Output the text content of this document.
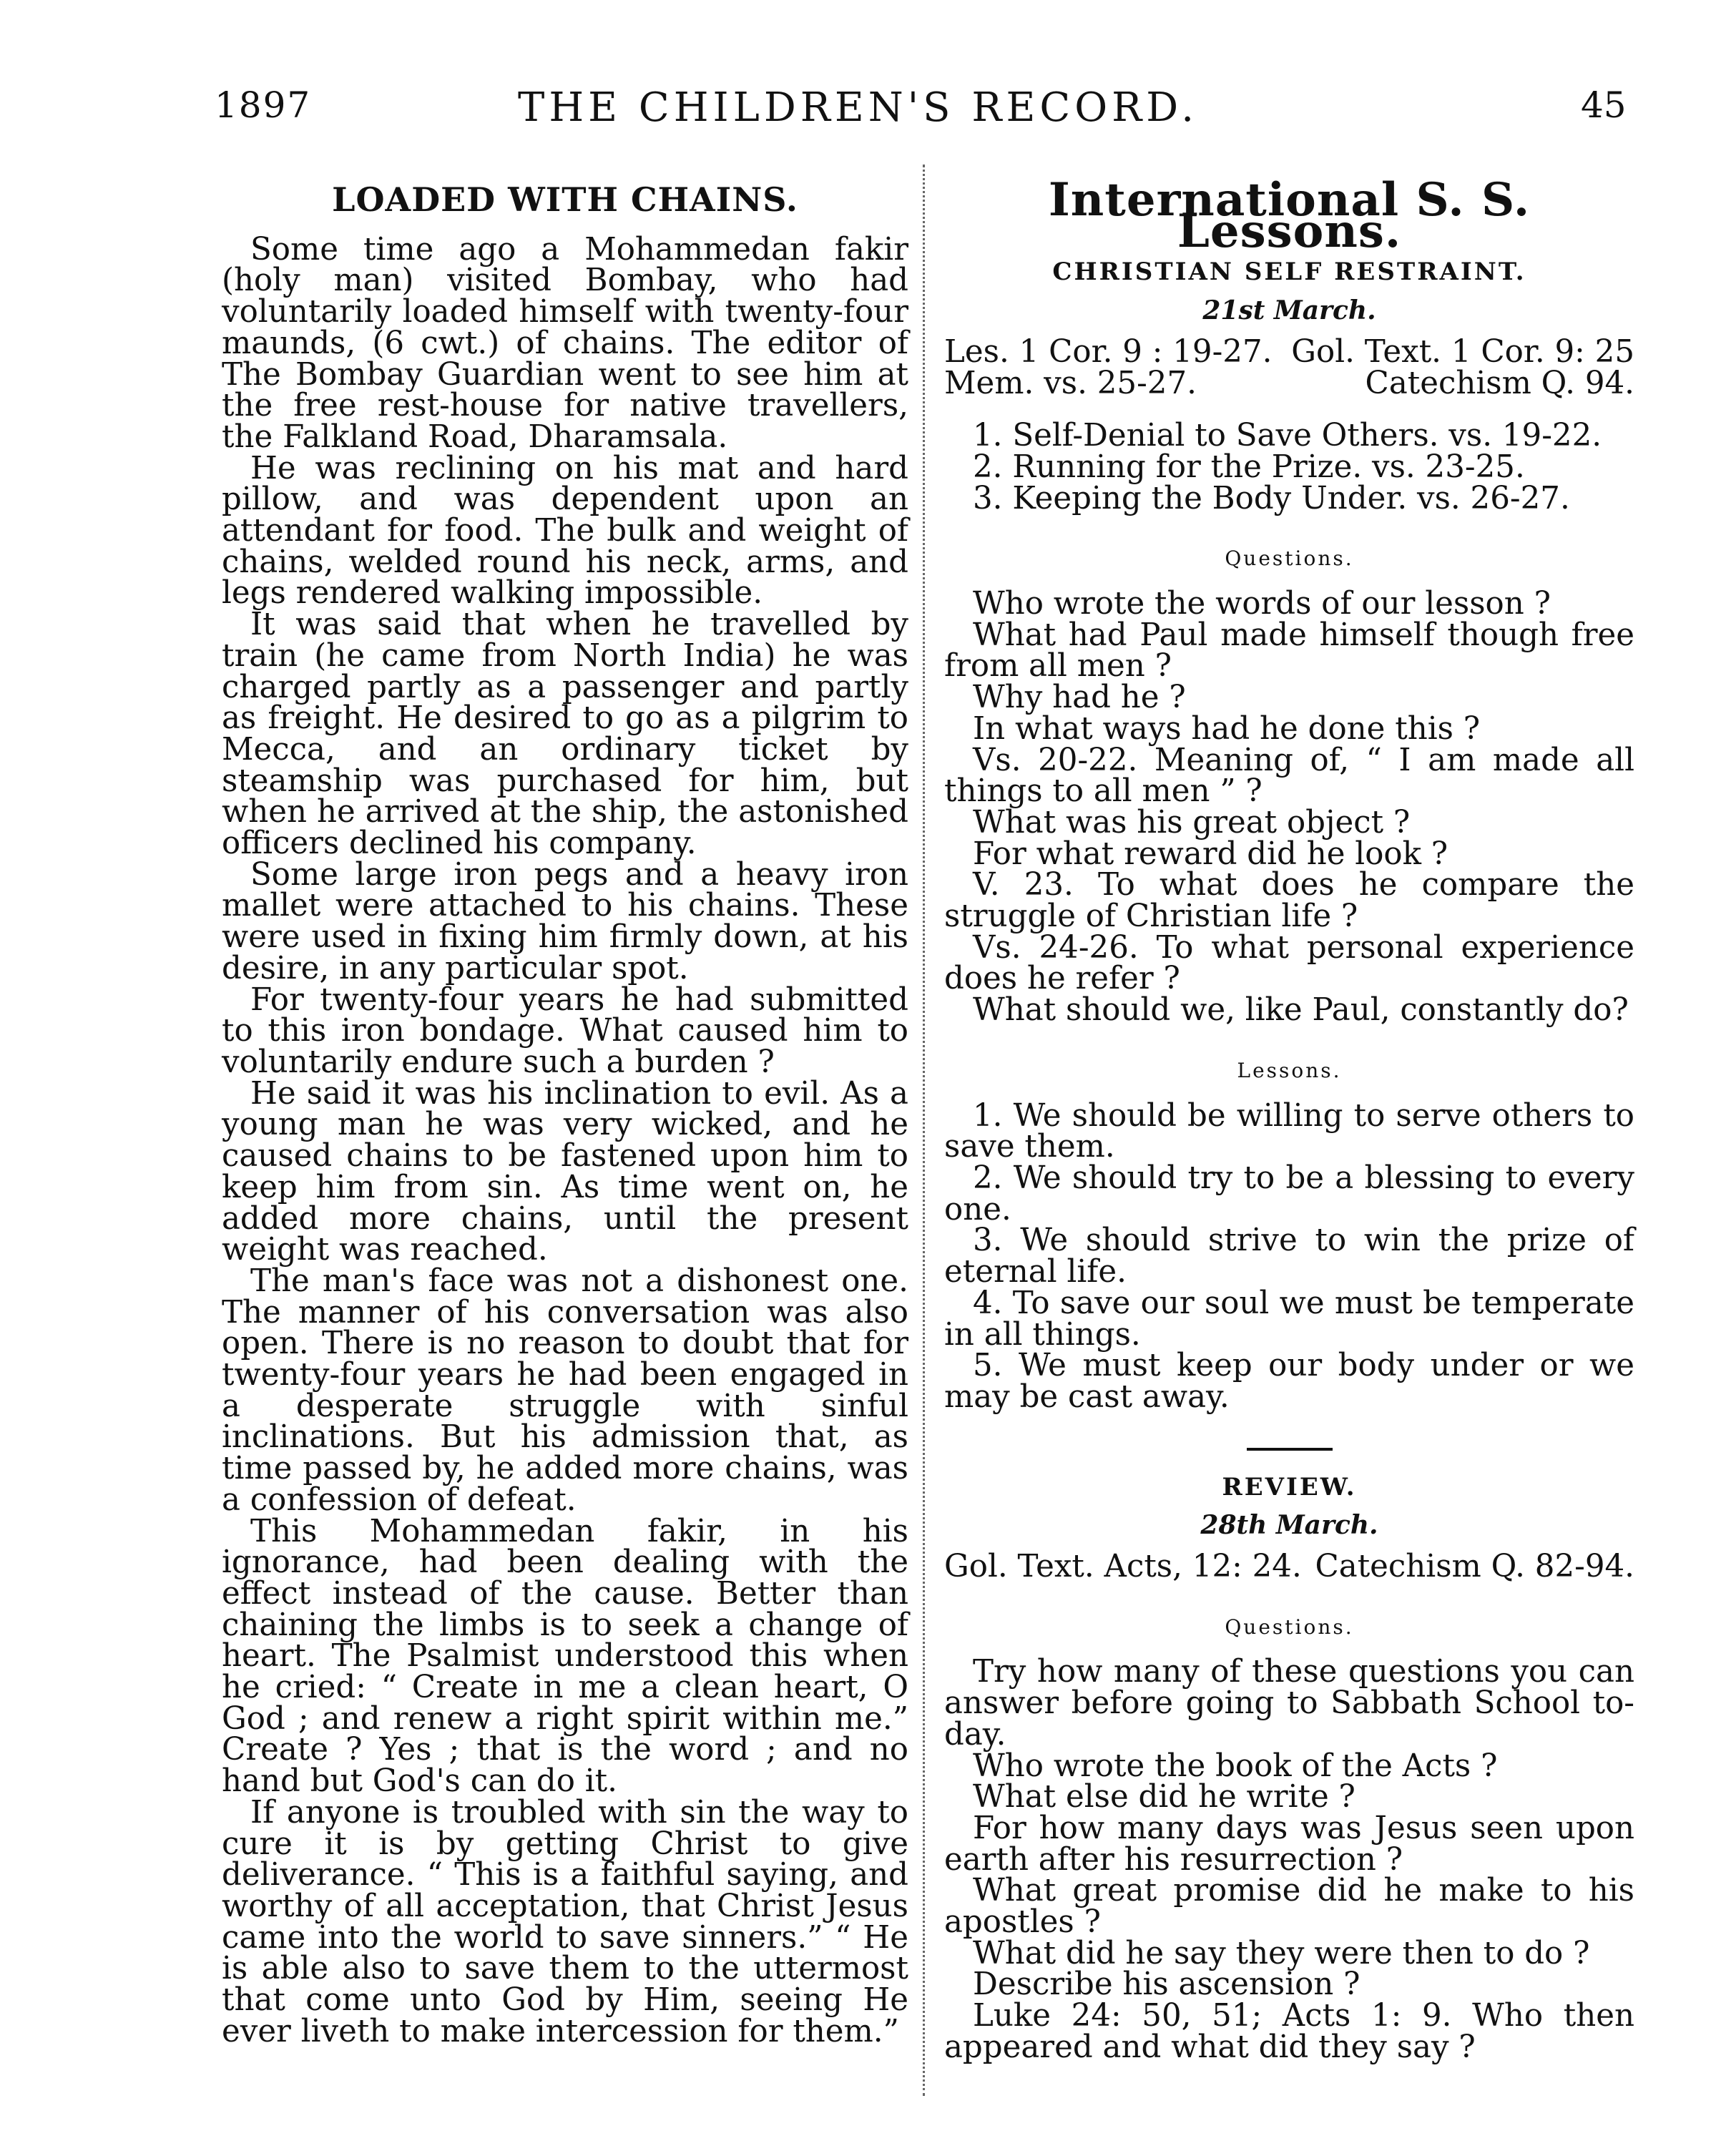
1897	THE CHILDREN'S RECORD.	45
LOADED WITH CHAINS.

Some time ago a Mohammedan fakir (holy man) visited Bombay, who had voluntarily loaded himself with twenty-four maunds, (6 cwt.) of chains. The editor of The Bombay Guardian went to see him at the free rest-house for native travellers, the Falkland Road, Dharamsala.

He was reclining on his mat and hard pillow, and was dependent upon an attendant for food. The bulk and weight of chains, welded round his neck, arms, and legs rendered walking impossible.

It was said that when he travelled by train (he came from North India) he was charged partly as a passenger and partly as freight. He desired to go as a pilgrim to Mecca, and an ordinary ticket by steamship was purchased for him, but when he arrived at the ship, the astonished officers declined his company.

Some large iron pegs and a heavy iron mallet were attached to his chains. These were used in fixing him firmly down, at his desire, in any particular spot.

For twenty-four years he had submitted to this iron bondage. What caused him to voluntarily endure such a burden ?

He said it was his inclination to evil. As a young man he was very wicked, and he caused chains to be fastened upon him to keep him from sin. As time went on, he added more chains, until the present weight was reached.

The man's face was not a dishonest one. The manner of his conversation was also open. There is no reason to doubt that for twenty-four years he had been engaged in a desperate struggle with sinful inclinations. But his admission that, as time passed by, he added more chains, was a confession of defeat.

This Mohammedan fakir, in his ignorance, had been dealing with the effect instead of the cause. Better than chaining the limbs is to seek a change of heart. The Psalmist understood this when he cried: “ Create in me a clean heart, O God ; and renew a right spirit within me.” Create ? Yes ; that is the word ; and no hand but God's can do it.

If anyone is troubled with sin the way to cure it is by getting Christ to give deliverance. “ This is a faithful saying, and worthy of all acceptation, that Christ Jesus came into the world to save sinners.” “ He is able also to save them to the uttermost that come unto God by Him, seeing He ever liveth to make intercession for them.”

International S. S. Lessons.
CHRISTIAN SELF RESTRAINT.
21st March.
Les. 1 Cor. 9 : 19-27. Gol. Text. 1 Cor. 9: 25
Mem. vs. 25-27.	Catechism Q. 94.
1. Self-Denial to Save Others. vs. 19-22.
2. Running for the Prize. vs. 23-25.
3. Keeping the Body Under. vs. 26-27.
Questions.

Who wrote the words of our lesson ?

What had Paul made himself though free from all men ?

Why had he ?

In what ways had he done this ?

Vs. 20-22. Meaning of, “ I am made all things to all men ” ?

What was his great object ?

For what reward did he look ?

V. 23. To what does he compare the struggle of Christian life ?

Vs. 24-26. To what personal experience does he refer ?

What should we, like Paul, constantly do?

Lessons.

1. We should be willing to serve others to save them.

2. We should try to be a blessing to every one.

3. We should strive to win the prize of eternal life.

4. To save our soul we must be temperate in all things.

5. We must keep our body under or we may be cast away.

REVIEW.
28th March.
Gol. Text. Acts, 12: 24. Catechism Q. 82-94.
Questions.

Try how many of these questions you can answer before going to Sabbath School to-day.

Who wrote the book of the Acts ?

What else did he write ?

For how many days was Jesus seen upon earth after his resurrection ?

What great promise did he make to his apostles ?

What did he say they were then to do ?

Describe his ascension ?

Luke 24: 50, 51; Acts 1: 9. Who then appeared and what did they say ?
